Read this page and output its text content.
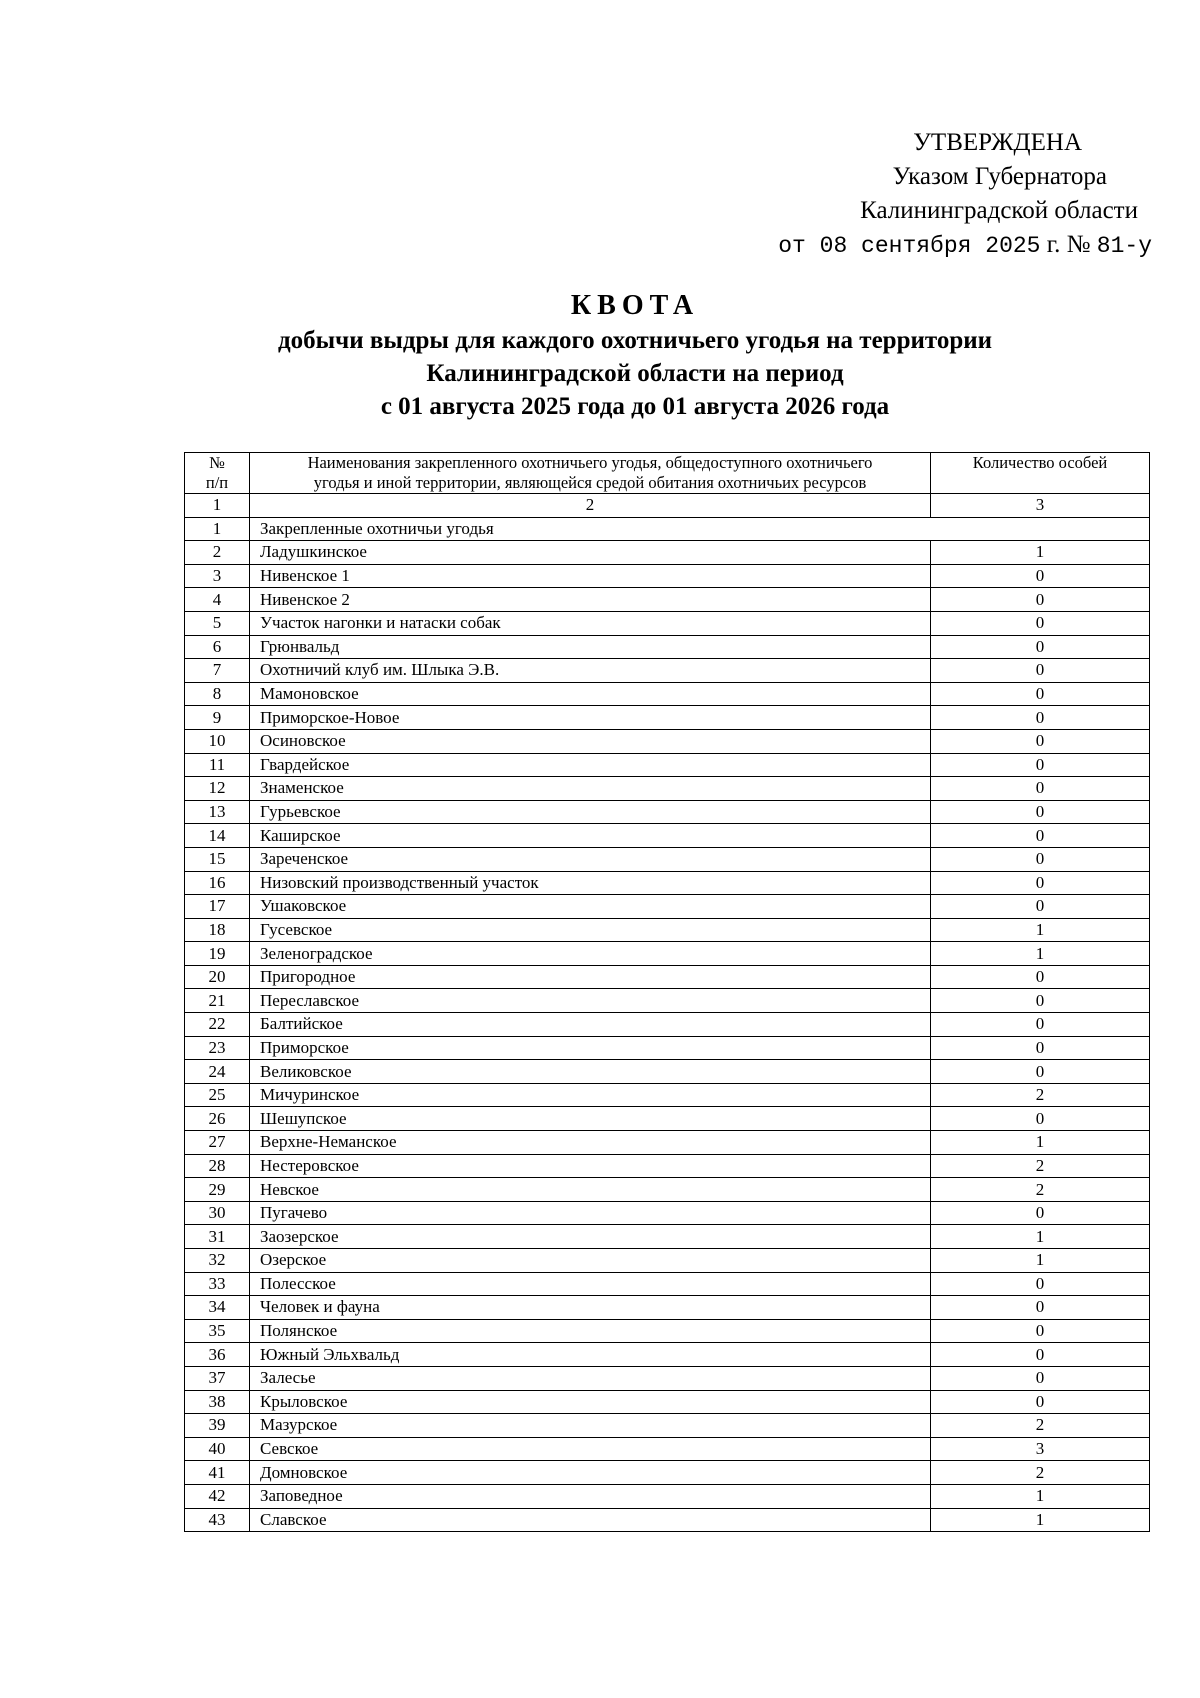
УТВЕРЖДЕНА
Указом Губернатора
Калининградской области
от 08 сентября 2025 г. № 81-у
КВОТА
добычи выдры для каждого охотничьего угодья на территории
Калининградской области на период
с 01 августа 2025 года до 01 августа 2026 года
№
п/п	Наименования закрепленного охотничьего угодья, общедоступного охотничьего угодья и иной территории, являющейся средой обитания охотничьих ресурсов	Количество особей
1	2	3
1	Закрепленные охотничьи угодья	
2	Ладушкинское	1
3	Нивенское 1	0
4	Нивенское 2	0
5	Участок нагонки и натаски собак	0
6	Грюнвальд	0
7	Охотничий клуб им. Шлыка Э.В.	0
8	Мамоновское	0
9	Приморское-Новое	0
10	Осиновское	0
11	Гвардейское	0
12	Знаменское	0
13	Гурьевское	0
14	Каширское	0
15	Зареченское	0
16	Низовский производственный участок	0
17	Ушаковское	0
18	Гусевское	1
19	Зеленоградское	1
20	Пригородное	0
21	Переславское	0
22	Балтийское	0
23	Приморское	0
24	Великовское	0
25	Мичуринское	2
26	Шешупское	0
27	Верхне-Неманское	1
28	Нестеровское	2
29	Невское	2
30	Пугачево	0
31	Заозерское	1
32	Озерское	1
33	Полесское	0
34	Человек и фауна	0
35	Полянское	0
36	Южный Эльхвальд	0
37	Залесье	0
38	Крыловское	0
39	Мазурское	2
40	Севское	3
41	Домновское	2
42	Заповедное	1
43	Славское	1
